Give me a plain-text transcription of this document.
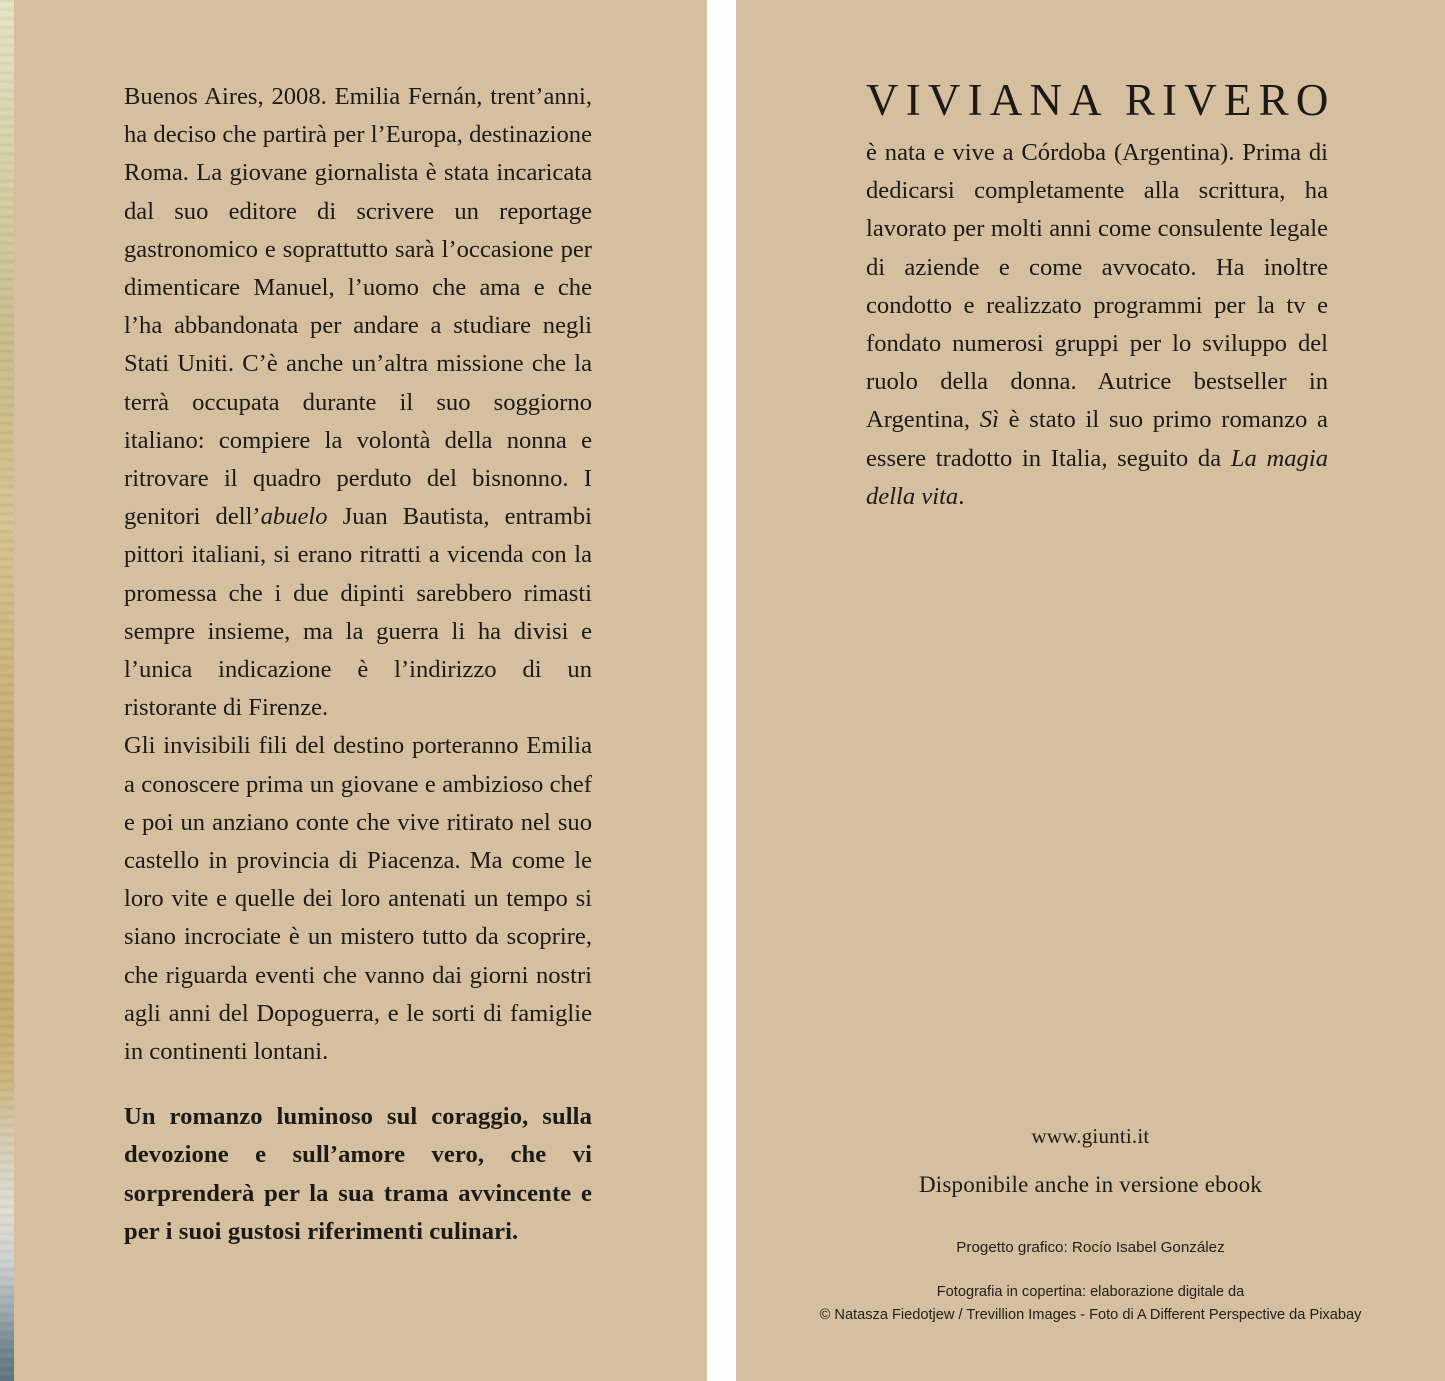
Buenos Aires, 2008. Emilia Fernán, trent’anni, ha deciso che partirà per l’Europa, destinazione Roma. La giovane giornalista è stata incaricata dal suo editore di scrivere un reportage gastronomico e soprattutto sarà l’occasione per dimenticare Manuel, l’uomo che ama e che l’ha abbandonata per andare a studiare negli Stati Uniti. C’è anche un’altra missione che la terrà occupata durante il suo soggiorno italiano: compiere la volontà della nonna e ritrovare il quadro perduto del bisnonno. I genitori dell’abuelo Juan Bautista, entrambi pittori italiani, si erano ritratti a vicenda con la promessa che i due dipinti sarebbero rimasti sempre insieme, ma la guerra li ha divisi e l’unica indicazione è l’indirizzo di un ristorante di Firenze.

Gli invisibili fili del destino porteranno Emilia a conoscere prima un giovane e ambizioso chef e poi un anziano conte che vive ritirato nel suo castello in provincia di Piacenza. Ma come le loro vite e quelle dei loro antenati un tempo si siano incrociate è un mistero tutto da scoprire, che riguarda eventi che vanno dai giorni nostri agli anni del Dopoguerra, e le sorti di famiglie in continenti lontani.

Un romanzo luminoso sul coraggio, sulla devozione e sull’amore vero, che vi sorprenderà per la sua trama avvincente e per i suoi gustosi riferimenti culinari.

VIVIANA RIVERO

è nata e vive a Córdoba (Argentina). Prima di dedicarsi completamente alla scrittura, ha lavorato per molti anni come consulente legale di aziende e come avvocato. Ha inoltre condotto e realizzato programmi per la tv e fondato numerosi gruppi per lo sviluppo del ruolo della donna. Autrice bestseller in Argentina, Sì è stato il suo primo romanzo a essere tradotto in Italia, seguito da La magia della vita.

www.giunti.it
Disponibile anche in versione ebook
Progetto grafico: Rocío Isabel González
Fotografia in copertina: elaborazione digitale da
© Natasza Fiedotjew / Trevillion Images - Foto di A Different Perspective da Pixabay
